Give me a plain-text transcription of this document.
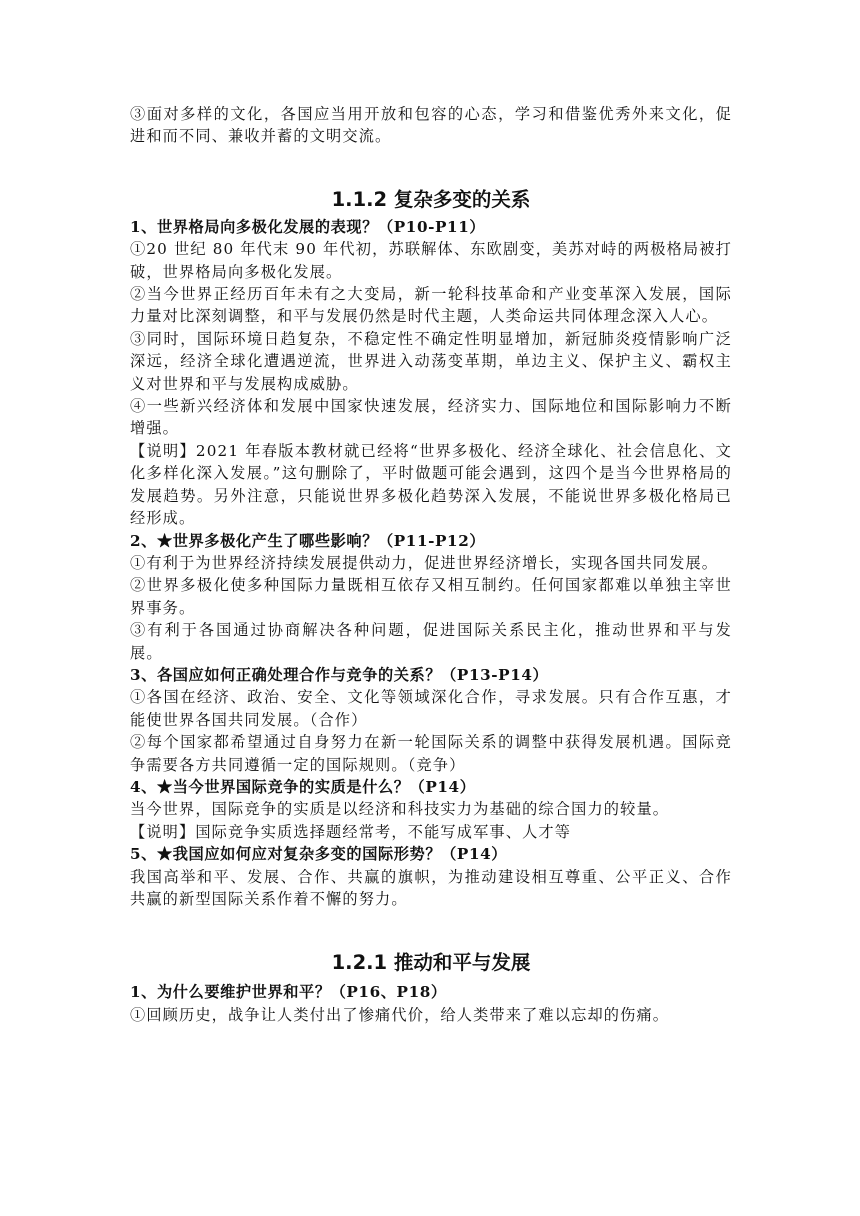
③面对多样的文化，各国应当用开放和包容的心态，学习和借鉴优秀外来文化，促进和而不同、兼收并蓄的文明交流。

1.1.2 复杂多变的关系

1、世界格局向多极化发展的表现？（P10-P11）

①20 世纪 80 年代末 90 年代初，苏联解体、东欧剧变，美苏对峙的两极格局被打破，世界格局向多极化发展。

②当今世界正经历百年未有之大变局，新一轮科技革命和产业变革深入发展，国际力量对比深刻调整，和平与发展仍然是时代主题，人类命运共同体理念深入人心。

③同时，国际环境日趋复杂，不稳定性不确定性明显增加，新冠肺炎疫情影响广泛深远，经济全球化遭遇逆流，世界进入动荡变革期，单边主义、保护主义、霸权主义对世界和平与发展构成威胁。

④一些新兴经济体和发展中国家快速发展，经济实力、国际地位和国际影响力不断增强。

【说明】2021 年春版本教材就已经将“世界多极化、经济全球化、社会信息化、文化多样化深入发展。”这句删除了，平时做题可能会遇到，这四个是当今世界格局的发展趋势。另外注意，只能说世界多极化趋势深入发展，不能说世界多极化格局已经形成。

2、★世界多极化产生了哪些影响？（P11-P12）

①有利于为世界经济持续发展提供动力，促进世界经济增长，实现各国共同发展。

②世界多极化使多种国际力量既相互依存又相互制约。任何国家都难以单独主宰世界事务。

③有利于各国通过协商解决各种问题，促进国际关系民主化，推动世界和平与发展。

3、各国应如何正确处理合作与竞争的关系？（P13-P14）

①各国在经济、政治、安全、文化等领域深化合作，寻求发展。只有合作互惠，才能使世界各国共同发展。（合作）

②每个国家都希望通过自身努力在新一轮国际关系的调整中获得发展机遇。国际竞争需要各方共同遵循一定的国际规则。（竞争）

4、★当今世界国际竞争的实质是什么？（P14）

当今世界，国际竞争的实质是以经济和科技实力为基础的综合国力的较量。

【说明】国际竞争实质选择题经常考，不能写成军事、人才等

5、★我国应如何应对复杂多变的国际形势？（P14）

我国高举和平、发展、合作、共赢的旗帜，为推动建设相互尊重、公平正义、合作共赢的新型国际关系作着不懈的努力。

1.2.1 推动和平与发展

1、为什么要维护世界和平？（P16、P18）

①回顾历史，战争让人类付出了惨痛代价，给人类带来了难以忘却的伤痛。
